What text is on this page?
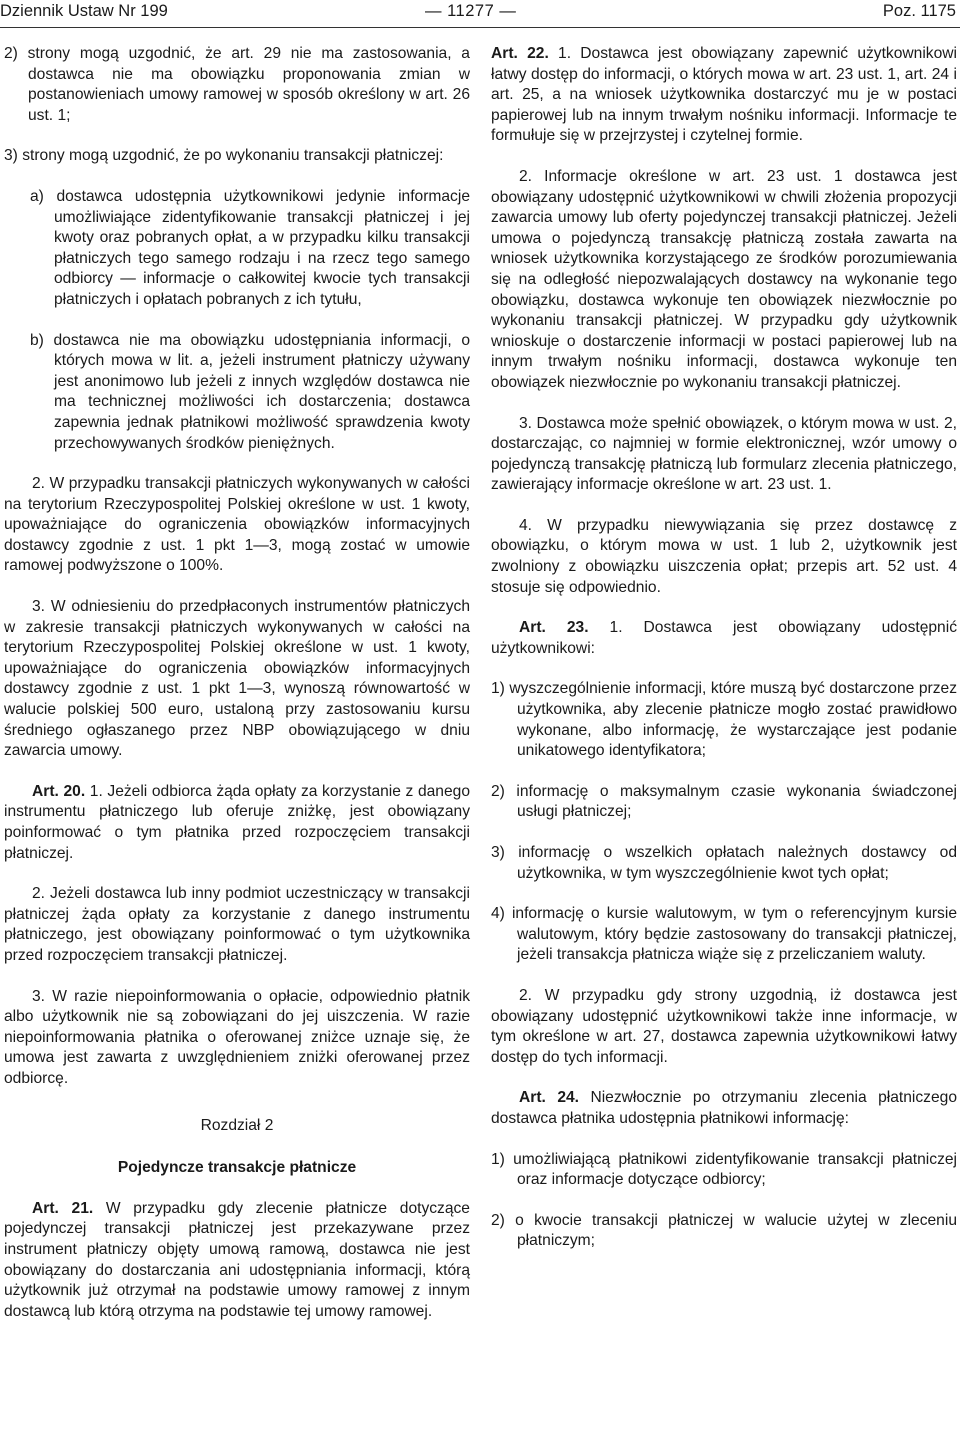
Dziennik Ustaw Nr 199	— 11277 —	Poz. 1175

2) strony mogą uzgodnić, że art. 29 nie ma zastosowania, a dostawca nie ma obowiązku proponowania zmian w postanowieniach umowy ramowej w sposób określony w art. 26 ust. 1;

3) strony mogą uzgodnić, że po wykonaniu transakcji płatniczej:

a) dostawca udostępnia użytkownikowi jedynie informacje umożliwiające zidentyfikowanie transakcji płatniczej i jej kwoty oraz pobranych opłat, a w przypadku kilku transakcji płatniczych tego samego rodzaju i na rzecz tego samego odbiorcy — informacje o całkowitej kwocie tych transakcji płatniczych i opłatach pobranych z ich tytułu,

b) dostawca nie ma obowiązku udostępniania informacji, o których mowa w lit. a, jeżeli instrument płatniczy używany jest anonimowo lub jeżeli z innych względów dostawca nie ma technicznej możliwości ich dostarczenia; dostawca zapewnia jednak płatnikowi możliwość sprawdzenia kwoty przechowywanych środków pieniężnych.

2. W przypadku transakcji płatniczych wykonywanych w całości na terytorium Rzeczypospolitej Polskiej określone w ust. 1 kwoty, upoważniające do ograniczenia obowiązków informacyjnych dostawcy zgodnie z ust. 1 pkt 1—3, mogą zostać w umowie ramowej podwyższone o 100%.

3. W odniesieniu do przedpłaconych instrumentów płatniczych w zakresie transakcji płatniczych wykonywanych w całości na terytorium Rzeczypospolitej Polskiej określone w ust. 1 kwoty, upoważniające do ograniczenia obowiązków informacyjnych dostawcy zgodnie z ust. 1 pkt 1—3, wynoszą równowartość w walucie polskiej 500 euro, ustaloną przy zastosowaniu kursu średniego ogłaszanego przez NBP obowiązującego w dniu zawarcia umowy.

Art. 20. 1. Jeżeli odbiorca żąda opłaty za korzystanie z danego instrumentu płatniczego lub oferuje zniżkę, jest obowiązany poinformować o tym płatnika przed rozpoczęciem transakcji płatniczej.

2. Jeżeli dostawca lub inny podmiot uczestniczący w transakcji płatniczej żąda opłaty za korzystanie z danego instrumentu płatniczego, jest obowiązany poinformować o tym użytkownika przed rozpoczęciem transakcji płatniczej.

3. W razie niepoinformowania o opłacie, odpowiednio płatnik albo użytkownik nie są zobowiązani do jej uiszczenia. W razie niepoinformowania płatnika o oferowanej zniżce uznaje się, że umowa jest zawarta z uwzględnieniem zniżki oferowanej przez odbiorcę.

Rozdział 2

Pojedyncze transakcje płatnicze

Art. 21. W przypadku gdy zlecenie płatnicze dotyczące pojedynczej transakcji płatniczej jest przekazywane przez instrument płatniczy objęty umową ramową, dostawca nie jest obowiązany do dostarczania ani udostępniania informacji, którą użytkownik już otrzymał na podstawie umowy ramowej z innym dostawcą lub którą otrzyma na podstawie tej umowy ramowej.

Art. 22. 1. Dostawca jest obowiązany zapewnić użytkownikowi łatwy dostęp do informacji, o których mowa w art. 23 ust. 1, art. 24 i art. 25, a na wniosek użytkownika dostarczyć mu je w postaci papierowej lub na innym trwałym nośniku informacji. Informacje te formułuje się w przejrzystej i czytelnej formie.

2. Informacje określone w art. 23 ust. 1 dostawca jest obowiązany udostępnić użytkownikowi w chwili złożenia propozycji zawarcia umowy lub oferty pojedynczej transakcji płatniczej. Jeżeli umowa o pojedynczą transakcję płatniczą została zawarta na wniosek użytkownika korzystającego ze środków porozumiewania się na odległość niepozwalających dostawcy na wykonanie tego obowiązku, dostawca wykonuje ten obowiązek niezwłocznie po wykonaniu transakcji płatniczej. W przypadku gdy użytkownik wnioskuje o dostarczenie informacji w postaci papierowej lub na innym trwałym nośniku informacji, dostawca wykonuje ten obowiązek niezwłocznie po wykonaniu transakcji płatniczej.

3. Dostawca może spełnić obowiązek, o którym mowa w ust. 2, dostarczając, co najmniej w formie elektronicznej, wzór umowy o pojedynczą transakcję płatniczą lub formularz zlecenia płatniczego, zawierający informacje określone w art. 23 ust. 1.

4. W przypadku niewywiązania się przez dostawcę z obowiązku, o którym mowa w ust. 1 lub 2, użytkownik jest zwolniony z obowiązku uiszczenia opłat; przepis art. 52 ust. 4 stosuje się odpowiednio.

Art. 23. 1. Dostawca jest obowiązany udostępnić użytkownikowi:

1) wyszczególnienie informacji, które muszą być dostarczone przez użytkownika, aby zlecenie płatnicze mogło zostać prawidłowo wykonane, albo informację, że wystarczające jest podanie unikatowego identyfikatora;

2) informację o maksymalnym czasie wykonania świadczonej usługi płatniczej;

3) informację o wszelkich opłatach należnych dostawcy od użytkownika, w tym wyszczególnienie kwot tych opłat;

4) informację o kursie walutowym, w tym o referencyjnym kursie walutowym, który będzie zastosowany do transakcji płatniczej, jeżeli transakcja płatnicza wiąże się z przeliczaniem waluty.

2. W przypadku gdy strony uzgodnią, iż dostawca jest obowiązany udostępnić użytkownikowi także inne informacje, w tym określone w art. 27, dostawca zapewnia użytkownikowi łatwy dostęp do tych informacji.

Art. 24. Niezwłocznie po otrzymaniu zlecenia płatniczego dostawca płatnika udostępnia płatnikowi informację:

1) umożliwiającą płatnikowi zidentyfikowanie transakcji płatniczej oraz informacje dotyczące odbiorcy;

2) o kwocie transakcji płatniczej w walucie użytej w zleceniu płatniczym;
